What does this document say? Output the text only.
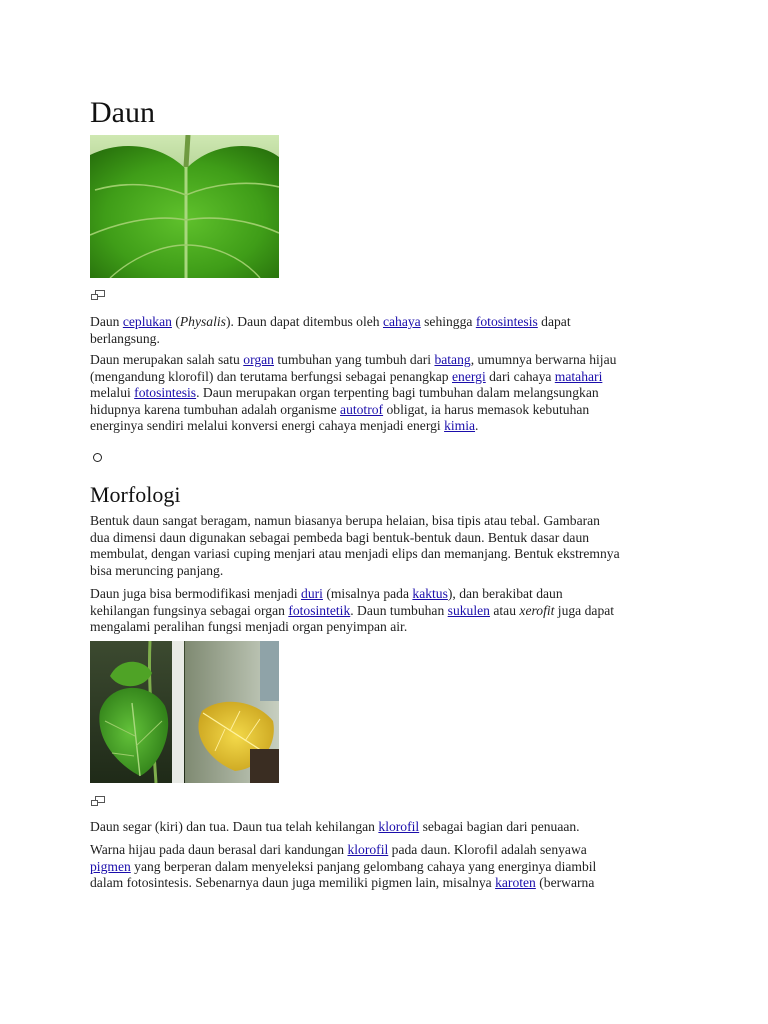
Daun

Daun ceplukan (Physalis). Daun dapat ditembus oleh cahaya sehingga fotosintesis dapat
berlangsung.

Daun merupakan salah satu organ tumbuhan yang tumbuh dari batang, umumnya berwarna hijau
(mengandung klorofil) dan terutama berfungsi sebagai penangkap energi dari cahaya matahari
melalui fotosintesis. Daun merupakan organ terpenting bagi tumbuhan dalam melangsungkan
hidupnya karena tumbuhan adalah organisme autotrof obligat, ia harus memasok kebutuhan
energinya sendiri melalui konversi energi cahaya menjadi energi kimia.

Morfologi

Bentuk daun sangat beragam, namun biasanya berupa helaian, bisa tipis atau tebal. Gambaran
dua dimensi daun digunakan sebagai pembeda bagi bentuk-bentuk daun. Bentuk dasar daun
membulat, dengan variasi cuping menjari atau menjadi elips dan memanjang. Bentuk ekstremnya
bisa meruncing panjang.

Daun juga bisa bermodifikasi menjadi duri (misalnya pada kaktus), dan berakibat daun
kehilangan fungsinya sebagai organ fotosintetik. Daun tumbuhan sukulen atau xerofit juga dapat
mengalami peralihan fungsi menjadi organ penyimpan air.

Daun segar (kiri) dan tua. Daun tua telah kehilangan klorofil sebagai bagian dari penuaan.

Warna hijau pada daun berasal dari kandungan klorofil pada daun. Klorofil adalah senyawa
pigmen yang berperan dalam menyeleksi panjang gelombang cahaya yang energinya diambil
dalam fotosintesis. Sebenarnya daun juga memiliki pigmen lain, misalnya karoten (berwarna
